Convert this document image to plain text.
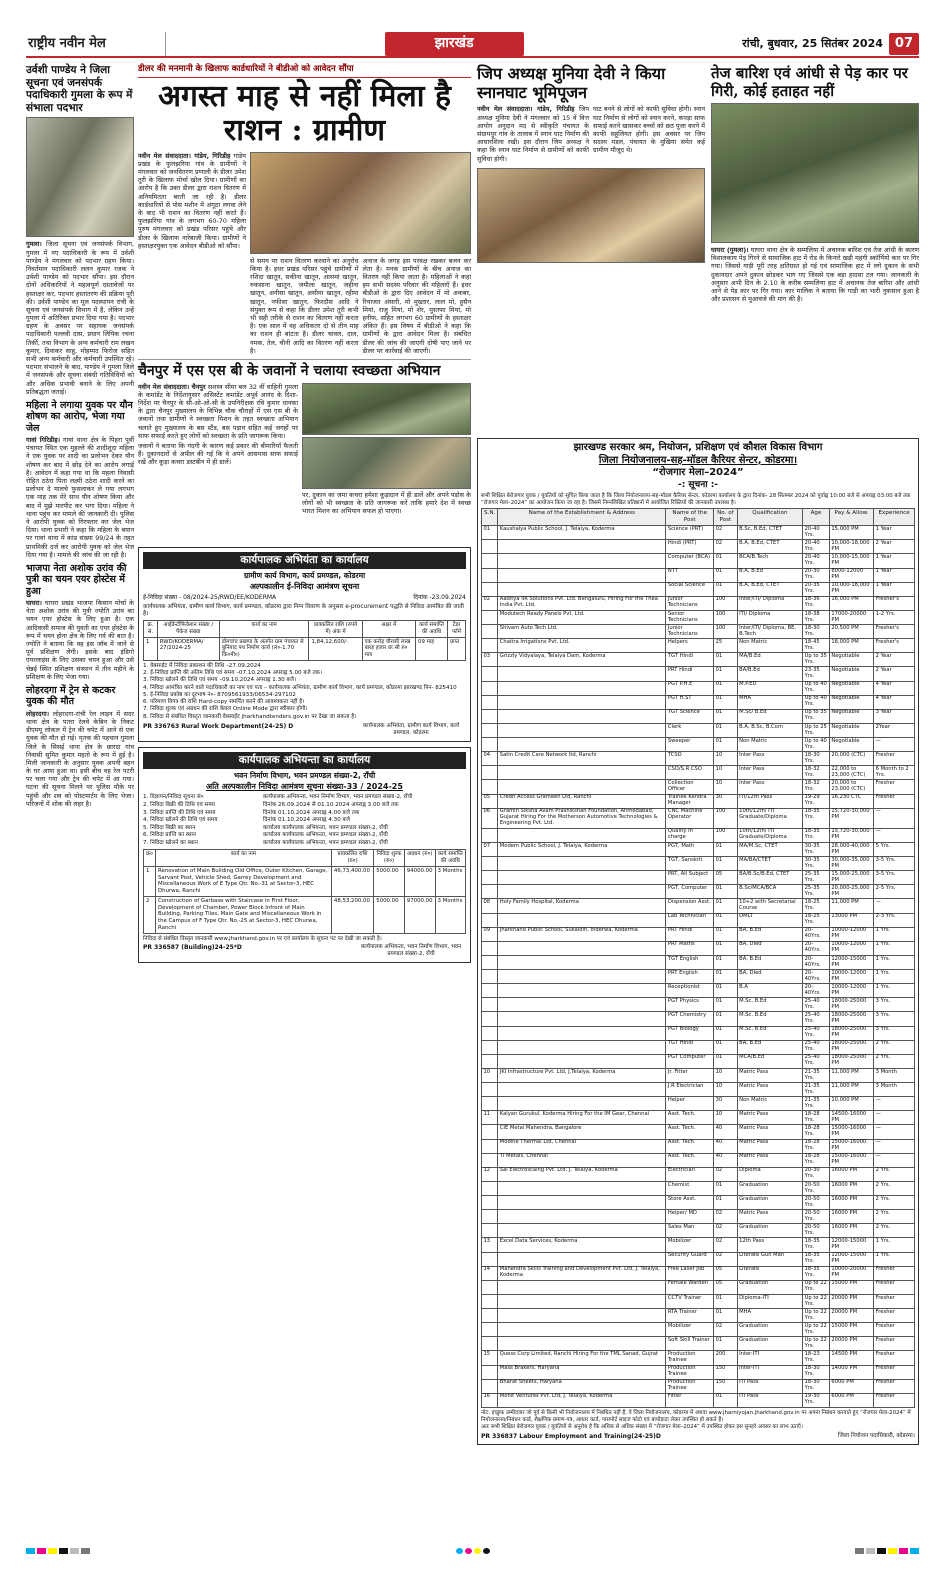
राष्ट्रीय नवीन मेल	झारखंड	रांची, बुधवार, 25 सितंबर 2024 07
उर्वशी पाण्डेय ने जिला सूचना एवं जनसंपर्क पदाधिकारी गुमला के रूप में संभाला पदभार

गुमला। जिला सूचना एवं जनसंपर्क विभाग, गुमला में नए पदाधिकारी के रूप में उर्वशी पाण्डेय ने मंगलवार को पदभार ग्रहण किया। निवर्तमान पदाधिकारी ललन कुमार रजक ने उर्वशी पाण्डेय को पदभार सौंपा। इस दौरान दोनों अधिकारियों ने महत्वपूर्ण दस्तावेजों पर हस्ताक्षर कर, पदभार हस्तांतरण की प्रक्रिया पूरी की। उर्वशी पाण्डेय का मूल पदस्थापन रांची के सूचना एवं जनसंपर्क विभाग में है, लेकिन उन्हें गुमला में अतिरिक्त प्रभार दिया गया है। पदभार ग्रहण के अवसर पर सहायक जनसंपर्क पदाधिकारी पल्लवी दास, प्रधान लिपिक रचना तिर्की, तथा विभाग के अन्य कर्मचारी राम लखन कुमार, दिवाकर साहु, मोहम्मद फिरोज सहित सभी अन्य कर्मचारी और कर्मचारी उपस्थित रहे। पदभार संभालने के बाद, पाण्डेय ने गुमला जिले में जनसंपर्क और सूचना संबंधी गतिविधियों को और अधिक प्रभावी बनाने के लिए अपनी प्रतिबद्धता जताई।

महिला ने लगाया युवक पर यौन शोषण का आरोप, भेजा गया जेल

गावां गिरिडीह। गावां थाना क्षेत्र के पिहरा पूर्वी पंचायत स्थित एक मुहल्ले की शादीशुदा महिला ने एक युवक पर शादी का प्रलोभन देकर यौन शोषण कर बाद में छोड़ देने का आरोप लगाई है। आवेदन में कहा गया था कि महला निवासी रोहित ठठेरा पिता लक्ष्मी ठठेरा शादी करने का प्रलोभन दे मालचे फुसलाकर ले गया लगभग एक माह तक मेरे साथ यौन शोषण किया और बाद में मुझे मारपीट कर भगा दिया। महिला ने थाना पहुंच कर मामले की जानकारी दी। पुलिस ने आरोपी युवक को गिरफ्तार कर जेल भेज दिया। थाना प्रभारी ने कहा कि महिला के बयान पर गावां थाना में कांड संख्या 99/24 के तहत प्राथमिकी दर्ज कर आरोपी युवक को जेल भेज दिया गया है। मामले की जांच की जा रही है।

भाजपा नेता अशोक उरांव की पुत्री का चयन एयर होस्टेस में हुआ

घाघरा। घाघरा प्रखंड भाजपा किसान मोर्चा के नेता अशोक उरांव की पुत्री ज्योति उरांव का चयन एयर होस्टेस के लिए हुआ है। एक आदिवासी समाज की युवती का एयर होस्टेस के रूप में चयन होना क्षेत्र के लिए गर्व की बात है। ज्योति ने बताया कि वह इस जॉब में जाने से पूर्व प्रशिक्षण लेगी। इसके बाद इंडिगो एयरलाइंस के लिए उसका चयन हुआ और उसे चेन्नई स्थित प्रशिक्षण संस्थान में तीन महीने के प्रशिक्षण के लिए भेजा गया।

लोहरदगा में ट्रेन से कटकर युवक की मौत

लोहरदगा। लोहरदगा-रांची रेल लाइन में सदर थाना क्षेत्र के पतरा रेलवे केबिन के निकट डीएमयू लोकल में ट्रेन की चपेट में आने से एक युवक की मौत हो गई। मृतक की पहचान गुमला जिले के सिसई थाना क्षेत्र के छारदा गांव निवासी सुमित कुमार महतो के रूप में हुई है। मिली जानकारी के अनुसार युवक अपनी बहन के घर आया हुआ था। इसी बीच वह रेल पटरी पर चला गया और ट्रेन की चपेट में आ गया। घटना की सूचना मिलने पर पुलिस मौके पर पहुंची और शव को पोस्टमार्टम के लिए भेजा। परिजनों में शोक की लहर है।

डीलर की मनमानी के खिलाफ कार्डधारियों ने बीडीओ को आवेदन सौंपा
अगस्त माह से नहीं मिला है राशन : ग्रामीण

नवीन मेल संवाददाता। गांडेय, गिरिडीह गांडेय प्रखंड के फुलझरिया गांव के ग्रामीणों ने मंगलवार को जनवितरण प्रणाली के डीलर उमेश तुरी के खिलाफ मोर्चा खोल दिया। ग्रामीणों का आरोप है कि उक्त डीलर द्वारा राशन वितरण में अनियमितता बरती जा रही है। डीलर कार्डधारियों से पोस मशीन में अंगूठा लगवा लेने के बाद भी राशन का वितरण नहीं करते हैं। फुलझरिया गांव के लगभग 60-70 महिला पुरुष मंगलवार को प्रखंड परिसर पहुंचे और डीलर के खिलाफ नारेबाजी किया। ग्रामीणों ने हस्ताक्षरयुक्त एक आवेदन बीडीओ को सौंपा।

से समय पर राशन वितरण करवाने का अनुरोध किया है। इधर प्रखंड परिसर पहुंचे ग्रामीणों में रशिदा खातून, सकीना खातून, आसमां खातून, रुकसाना खातून, जमीला खातून, जहीना खातून, अनीसा खातून, असीमा खातून, रहीमा खातून, नफीसा खातून, फिरदौस आदि ने संयुक्त रूप से कहा कि डीलर उमेश तुरी कभी भी सही तरीके से राशन का वितरण नहीं करता है। एक साल में वह अधिकतर दो से तीन माह का राशन ही बांटता है। डीलर चावल, दाल, नमक, तेल, चीनी आदि का वितरण नहीं करता है।
अनाज के जगह इस परवक्ष रखकर बजन कर लेता है। मनक ग्रामीणों के बीच अनाज का वितरण नहीं किया जाता है। महिलाओं ने कहा हम सभी सदस्य परिवार की महिलाएँ हैं। इधर बीडीओ के द्वारा दिए आवेदन में मो अकबर, रियाजत अंसारी, मो मुख्तार, लाल मो, हुसैन मियां, राजु मियां, मो शेर, मुस्तफा मियां, मो हनीफ, सहित लगभग 60 ग्रामीणों के हस्ताक्षर अंकित हैं। इस विषय में बीडीओ ने कहा कि ग्रामीणों के द्वारा आवेदन मिला है। संबंधित डीलर की जांच की जाएगी दोषी पाए जाने पर डीलर पर कार्रवाई की जाएगी।
चैनपुर में एस एस बी के जवानों ने चलाया स्वच्छता अभियान

नवीन मेल संवाददाता। चैनपुर सशस्त्र सीमा बल 32 वीं वाहिनी गुमला के कमांडेंट के निर्देशानुसार असिस्टेंट कमांडेंट अपूर्व आनंद के दिशा-निर्देश पर चैनपुर के सी-ओ-ओ-सी के उपनिरीक्षक रवि कुमार धानका के द्वारा चैनपुर मुख्यालय के विभिन्न चौक चौराहों में एस एस बी के जवानों तथा ग्रामीणों ने स्वच्छता मिशन के तहत स्वच्छता अभियान चलाते हुए मुख्यालय के बस स्टैंड, बस पड़ाव सहित कई जगहों पर साफ सफाई करते हुए लोगों को स्वच्छता के प्रति जागरूक किया।

जवानों ने बताया कि गंदगी के कारण कई प्रकार की बीमारियाँ फैलती हैं। दुकानदारों से अपील की गई कि वे अपने आसपास साफ सफाई रखें और कूड़ा कचरा डस्टबीन में ही डालें।

पर, दुकान का जमा कचरा हमेशा कूड़ादान में ही डालें और अपने पड़ोस के लोगों को भी स्वच्छता के प्रति जागरूक करें ताकि हमारे देश में स्वच्छ भारत मिशन का अभियान सफल हो पाएगा।
कार्यपालक अभियंता का कार्यालय
ग्रामीण कार्य विभाग, कार्य प्रमण्डल, कोडरमा
अल्पकालीन ई-निविदा आमंत्रण सूचना
ई-निविदा संख्या - 08/2024-25/RWD/EE/KODERMA	दिनांक -23.09.2024
कार्यपालक अभियंता, ग्रामीण कार्य विभाग, कार्य प्रमण्डल, कोडरमा द्वारा निम्न विवरण के अनुसार e-procurement पद्धति से निविदा आमंत्रित की जाती है।
क्र. सं.	आईडेन्टीफिकेशन संख्या / पैकेज संख्या	कार्य का नाम	प्राक्कलित राशि (रुपये में) अंक में	अक्षर में	कार्य समाप्ति की अवधि	टेंडर फॉर्म
1	RWD/KODERMA/ 27/2024-25	डोमचांच प्रखण्ड के अंतर्गत ग्राम पंचायत से बुनियाद पथ निर्माण कार्य (लं०-1.70 कि०मी०)	1,84,12,600/-	एक करोड़ चौरासी लाख बारह हजार छः सौ रु० मात्र	09 माह	प्राप्त
1. वेबसाईट में निविदा प्रकाशन की तिथि –27.09.2024
2. ई-निविदा प्राप्ति की अंतिम तिथि एवं समय –07.10.2024 अपराह्न 5.00 बजे तक।
3. निविदा खोलने की तिथि एवं समय –09.10.2024 अपराह्न 1.30 बजे।
4. निविदा आमंत्रित करने वाले पदाधिकारी का नाम एवं पता – कार्यपालक अभियंता, ग्रामीण कार्य विभाग, कार्य प्रमण्डल, कोडरमा झारखण्ड पिन- 825410
5. ई-निविदा प्रकोष्ठ का दूरभाष नं०- 8709561933/06534-297102
6. परिमाण विपत्र की राशि Hard-copy समर्पित करने की आवश्यकता नहीं है।
7. निविदा शुल्क एवं अग्रधन की राशि केवल Online Mode द्वारा स्वीकार होगी।
8. निविदा से संबंधित विस्तृत जानकारी वेबसाईट jharkhandtenders.gov.in पर देखा जा सकता है।
PR 336763 Rural Work Department(24-25) D	कार्यपालक अभियंता, ग्रामीण कार्य विभाग, कार्य प्रमण्डल, कोडरमा
कार्यपालक अभियन्ता का कार्यालय
भवन निर्माण विभाग, भवन प्रमण्डल संख्या-2, राँची
अति अल्पकालीन निविदा आमंत्रण सूचना संख्या-33 / 2024-25
1. विज्ञापन/निविदा सूचना सं०	कार्यपालक अभियन्ता, भवन निर्माण विभाग, भवन प्रमण्डल संख्या-2, राँची
2. निविदा बिक्री की तिथि एवं समय	दिनांक 26.09.2024 से 01.10.2024 अपराह्न 3.00 बजे तक
3. निविदा प्राप्ति की तिथि एवं समय	दिनांक 01.10.2024 अपराह्न 4.00 बजे तक
4. निविदा खोलने की तिथि एवं समय	दिनांक 01.10.2024 अपराह्न 4.30 बजे
5. निविदा बिक्री का स्थान	कार्यालय कार्यपालक अभियन्ता, भवन प्रमण्डल संख्या-2, राँची
6. निविदा प्राप्ति का स्थान	कार्यालय कार्यपालक अभियन्ता, भवन प्रमण्डल संख्या-2, राँची
7. निविदा खोलने का स्थान	कार्यालय कार्यपालक अभियन्ता, भवन प्रमण्डल संख्या-2, राँची
क्र०	कार्य का नाम	प्राक्कलित राशि (रु०)	निविदा शुल्क (रु०)	अग्रधन (रु०)	कार्य समाप्ति की अवधि
1	Renovation of Main Building Old Office, Outer Kitchen, Garage, Sarvant Post, Vehicle Shed, Garrey Development and Miscellaneous Work of E Type Qtr. No.-31 at Sector-3, HEC Dhurwa, Ranchi	46,73,400.00	5000.00	94000.00	3 Months
2	Construction of Garbase with Staircase in First Floor, Development of Chamber, Power Block Infront of Main Building, Parking Tiles, Main Gate and Miscellaneous Work in the Campus of F Type Qtr. No.-25 at Sector-3, HEC Dhurwa, Ranchi	48,53,200.00	5000.00	97000.00	3 Months
निविदा से संबंधित विस्तृत जानकारी www.jharkhand.gov.in पर एवं कार्यालय के सूचना पट पर देखी जा सकती है।
PR 336587 (Building)24-25*D	कार्यपालक अभियन्ता, भवन निर्माण विभाग, भवन प्रमण्डल संख्या-2, राँची
जिप अध्यक्ष मुनिया देवी ने किया स्नानघाट भूमिपूजन

नवीन मेल संवाददाता। गांडेय, गिरिडीह जिप अध्यक्ष मुनिया देवी ने मंगलवार को 15 वें वित्त आयोग अनुदान मद से स्वीकृति पंचायत के संग्रामपुर गांव के तालाब में स्नान घाट निर्माण की आधारशिला रखी। इस दौरान जिप अध्यक्ष ने कहा कि स्नान घाट निर्माण से ग्रामीणों को काफी सुविधा होगी।

घाट बनने से लोगों को काफी सुविधा होगी। स्नान घाट निर्माण से लोगों को स्नान करने, कपड़ा साफ सफाई करने खासकर बच्चों को छठ पूजा करने में काफी सहूलियत होगी। इस अवसर पर जिप सदस्य मंडल, पंचायत के मुखिया समेत कई ग्रामीण मौजूद थे।
तेज बारिश एवं आंधी से पेड़ कार पर गिरी, कोई हताहत नहीं

घाघरा (गुमला)। घाघरा थाना क्षेत्र के सम्मलिया में अचानक बारिश एवं तेज आंधी के कारण विशालकाय पेड़ गिरने से सामाजिक हाट में रोड के किनारे खड़ी महंगी स्कॉर्पियो कार पर गिर गया। जिससे गाड़ी पूरी तरह क्षतिग्रस्त हो गई एवं सामाजिक हाट में लगे दुकान के सभी दुकानदार अपने दुकान छोड़कर भाग गए जिससे एक बड़ा हादसा टल गया। जानकारी के अनुसार अभी दिन के 2.10 के करीब सम्मलिया हाट में अचानक तेज बारिश और आंधी आने से पेड़ कार पर गिर गया। कार मालिक ने बताया कि गाड़ी का भारी नुकसान हुआ है और प्रशासन से मुआवजे की मांग की है।

झारखण्ड सरकार श्रम, नियोजन, प्रशिक्षण एवं कौशल विकास विभाग
जिला नियोजनालय-सह-मॉडल कैरियर सेन्टर, कोडरमा।
“रोजगार मेला–2024”
-: सूचना :-
सभी शिक्षित बेरोजगार युवक / युवतियों को सूचित किया जाता है कि जिला नियोजनालय-सह-मॉडल कैरियर सेन्टर, कोडरमा कार्यालय के द्वारा दिनांक- 28 सितम्बर 2024 को पूर्वाह्न 10:00 बजे से अपराह्न 03:00 बजे तक “रोजगार मेला–2024” का आयोजन किया जा रहा है। जिसमें निम्नलिखित प्रतिष्ठानों में आयोजित रिक्तियों की जानकारी उपलब्ध है।
S.N.	Name of the Establishment & Address	Name of the Post	No. of Post	Qualification	Age	Pay & Allow.	Experience
01	Kaushalya Public School, J. Telaiya, Koderma	Science (PRT)	02	B.Sc, B.Ed, CTET	20-40 Yrs.	15,000 PM	1 Year
		Hindi (PRT)	02	B.A, B.Ed, CTET	20-40 Yrs.	10,000-18,000 PM	2 Year
		Computer (BCA)	01	BCA/B.Tech	20-40 Yrs.	10,000-15,000 PM	1 Year
		NTT	01	B.A, B.Ed	20-30 Yrs.	8000-12000 PM	1 Year
		Social Science	01	B.A, B.Ed, CTET	20-35 Yrs.	10,000-18,000 PM	1 Year
02	Aaditya IIR Solutions Pvt. Ltd. Bengaluru, Hiring For the Thea India Pvt. Ltd.	Junior Technicians	100	Inter/ITI/ Diploma	18-36 Yrs.	16,000 PM	Fresher's
	Modutech Ready Panels Pvt. Ltd.	Senior Technicians	100	ITI/ Diploma	18-38 Yrs.	17000-20000 PM	1-2 Yrs.
	Shivam Auto Tech Ltd.	Junior Technicians	100	Inter/ITI/ Diploma, BE, B.Tech	18-30 Yrs.	20,500 PM	Fresher's
	Chaitra Irrigations Pvt. Ltd.	Helpers	25	Non Matric	18-45 Yrs.	18,000 PM	Fresher's
03	Grizzly Vidyalaya, Telaiya Dam, Koderma	TGT Hindi	01	MA/B.Ed	Up to 35 Yrs.	Negotiable	2 Year
		PRT Hindi	01	BA/B.Ed	23-35 Yrs.	Negotiable	2 Year
		PGT P.H.E	01	M.P.ED	Up to 40 Yrs.	Negotiable	4 Year
		PGT H.ST	01	MHA	Up to 40 Yrs.	Negotiable	4 Year
		TGT Science	01	M.Sc/ B.Ed	Up to 35 Yrs.	Negotiable	3 Year
		Clerk	01	B.A, B.Sc, B.Com	Up to 25 Yrs.	Negotiable	2Year
		Sweeper	01	Non Matric	Up to 40 Yrs.	Negotiable	—
04	Satin Credit Care Network ltd, Ranchi	TCSO	10	Inter Pass	18-30 Yrs.	20,000 (CTC)	Fresher
		CSO/S.R CSO	10	Inter Pass	18-32 Yrs.	22,000 to 23,000 (CTC)	6 Month to 2 Yrs.
		Collection Officer	10	Inter Pass	18-32 Yrs.	20,000 to 23,000 (CTC)	Fresher
05	Credit Access Grameen Ltd, Ranchi	Trainee Kendra Manager	30	ITI/12th Pass	19-29 Yrs.	16,230 CTC	Fresher
06	Gramin Siksha Avam Prashikshan Foundation, Ahmedabad, Gujarat Hiring For the Motherson Automotive Technologies & Engineering Pvt. Ltd.	CNC Machine Operator	100	10th/12th/ ITI Graduate/Diploma	18-35 Yrs.	15,720-30,000 PM	—
		Quality In charge	100	10th/12th/ ITI Graduate/Diploma	18-35 Yrs.	15,720-30,000 PM	—
07	Modern Public School, J. Telaiya, Koderma	PGT, Math	01	MA/M.Sc, CTET	30-35 Yrs.	28,000-40,000 PM	5 Yrs.
		TGT, Sanskrit	01	MA/BA/CTET	30-35 Yrs.	30,000-35,000 PM	3-5 Yrs.
		PRT, All Subject	05	BA/B.Sc/B.Ed, CTET	25-35 Yrs.	15,000-25,000 PM	3-5 Yrs.
		PGT, Computer	01	B.Sc/MCA/BCA	25-35 Yrs.	20,000-25,000 PM	2-5 Yrs.
08	Holy Family Hospital, Koderma	Dispension Asst.	01	10+2 with Secretarial Course	18-25 Yrs.	11,000 PM	—
		Lab Technician	01	DMLT	18-25 Yrs.	13000 PM	2-3 Yrs.
09	Jharkhand Public School, Sukaidih, Inderwa, Koderma	PRT Hindi	01	BA, B.Ed	20-40Yrs.	10000-12000 PM	1 Yrs.
		PRT Maths	01	BA, DIed	20-40Yrs.	10000-12000 PM	1 Yrs.
		TGT English	01	BA, B.Ed	20-40Yrs.	12000-15000 PM	1 Yrs.
		PRT English	01	BA, DIed	20-40Yrs.	10000-12000 PM	1 Yrs.
		Receptionist	01	B.A	20-40Yrs.	10000-12000 PM	1 Yrs.
		PGT Physics	01	M.Sc, B.Ed	25-40 Yrs.	18000-25000 PM	3 Yrs.
		PGT Chemistry	01	M.Sc, B.Ed	25-40 Yrs.	18000-25000 PM	3 Yrs.
		PGT Biology	01	M.Sc, B.Ed	25-40 Yrs.	18000-25000 PM	3 Yrs.
		TGT Hindi	01	BA, B.Ed	25-40 Yrs.	18000-25000 PM	2 Yrs.
		PGT Computer	01	MCA/B.Ed	25-40 Yrs.	18000-25000 PM	2 Yrs.
10	JKI Infrastructure Pvt. Ltd, J.Telaiya, Koderma	Jr. Fitter	10	Matric Pass	21-35 Yrs.	11,000 PM	3 Month
		J.R Electrician	10	Matric Pass	21-35 Yrs.	11,000 PM	3 Month
		Helper	30	Non Matric	21-35 Yrs.	10,000 PM	—
11	Kalyan Gurukul, Koderma Hiring For the IM Gear, Chennai	Asst. Tech.	10	Matric Pass	18-28 Yrs.	14500-16000 PM	—
	CIE Metal Mahendra, Bangalore	Asst. Tech.	40	Matric Pass	18-28 Yrs.	15000-16000 PM	—
	Modine Thermal Ltd, Chennai	Asst. Tech.	40	Matric Pass	18-28 Yrs.	15000-16000 PM	—
	TI Metals, Chennai	Asst. Tech.	40	Matric Pass	18-28 Yrs.	15000-16000 PM	—
12	Sai Electroscaing Pvt. Ltd, J. Telaiya, Koderma	Electrician	02	Diploma	20-30 Yrs.	16000 PM	2 Yrs.
		Chemist	01	Graduation	20-50 Yrs.	16000 PM	2 Yrs.
		Store Asst.	01	Graduation	20-50 Yrs.	16000 PM	2 Yrs.
		Helper/ MD	02	Matric Pass	20-50 Yrs.	16000 PM	2 Yrs.
		Sales Man	02	Graduation	20-50 Yrs.	16000 PM	2 Yrs.
13	Excel Data Services, Koderma	Mobilizer	02	12th Pass	18-35 Yrs.	12000-15000 PM	1 Yrs.
		Security Guard	02	Literate Gun Man	18-35 Yrs.	12000-15000 PM	1 Yrs.
14	Mahendra Skills Training and Development Pvt. Ltd, J. Telaiya, Koderma	Free Laser Job	05	Literate	18-35 Yrs.	10000-20000 PM	Fresher
		Female Warden	05	Graduation	Up to 22 Yrs.	15000 PM	Fresher
		CCTV Trainer	01	Diploma-ITI	Up to 22 Yrs.	20000 PM	Fresher
		RTA Trainer	01	MHA	Up to 22 Yrs.	20000 PM	Fresher
		Mobilizer	02	Graduation	Up to 22 Yrs.	15000 PM	Fresher
		Soft Skill Trainer	01	Graduation	Up to 22 Yrs.	20000 PM	Fresher
15	Quess Corp Limited, Ranchi Hiring For the TML Sanad, Gujrat	Production Trainee	200	Inter-ITI	18-23 Yrs.	14500 PM	Fresher
	Mass Brakers, Haryana	Production Trainee	150	Inter-ITI	18-30 Yrs.	14000 PM	Fresher
	Bharat Sheets, Haryana	Production Trainee	150	ITI Pass	18-30 Yrs.	6000 PM	Fresher
16	Mohit Ventures Pvt. Ltd, J. Telaiya, Koderma	Fitter	01	ITI Pass	19-30 Yrs.	6000 PM	Fresher
नोट: इच्छुक उम्मीदवार जो पूर्व से किसी भी नियोजनालय में निबंधित नहीं हैं, वे जिला नियोजनालय, कोडरमा में अथवा www.jharniyojan.jharkhand.gov.in पर अपना निबंधन करवाते हुए “रोजगार मेला-2024” में नियोजनालय/निबंधन कार्ड, शैक्षणिक प्रमाण-पत्र, आधार कार्ड, पासपोर्ट साइज फोटो एवं बायोडाटा लेकर उपस्थित हो सकते हैं।
अतः सभी शिक्षित बेरोजगार युवक / युवतियों से अनुरोध है कि अधिक से अधिक संख्या में “रोजगार मेला–2024” में उपस्थित होकर इस सुनहरे अवसर का लाभ उठाएँ।
PR 336837 Labour Employment and Training(24-25)D	जिला नियोजन पदाधिकारी, कोडरमा।
